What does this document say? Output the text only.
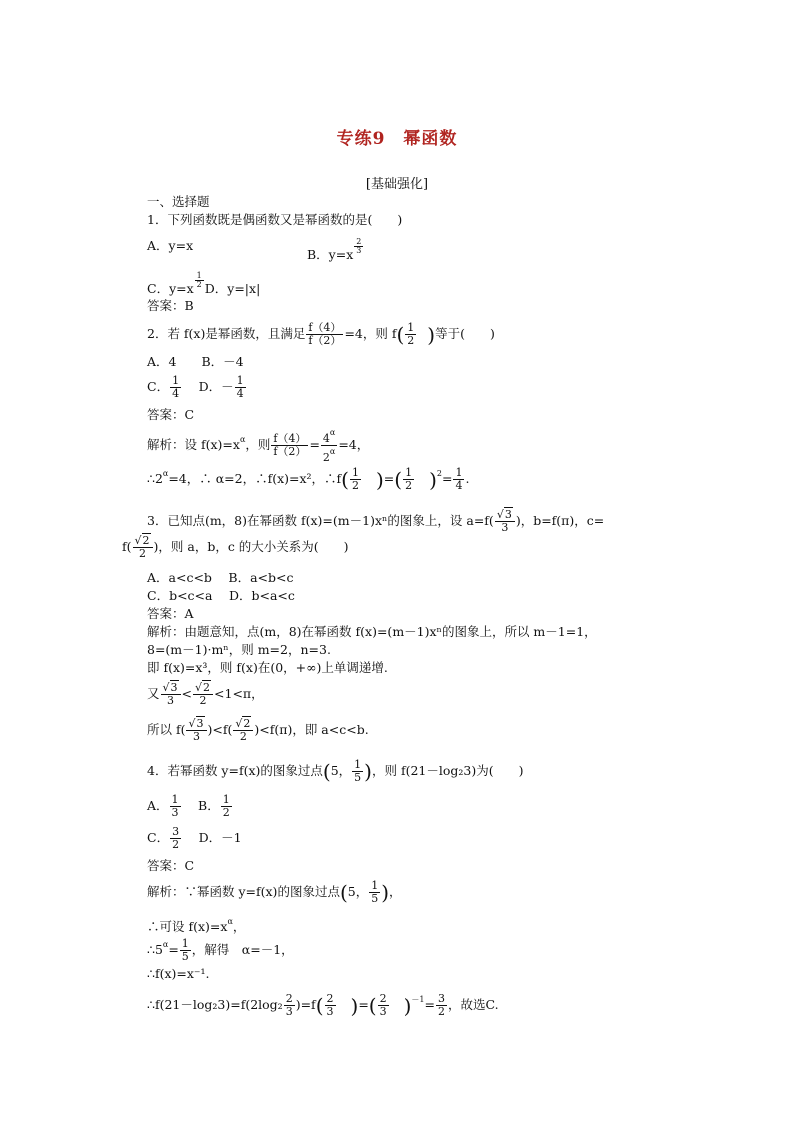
专练9　幂函数
[基础强化]
一、选择题
1．下列函数既是偶函数又是幂函数的是(　　)
A．y=x
B．$y=x \frac{2}{3}$
C．$y=x \frac{1}{2}$ D．y=|x|
答案：B
2．若 f(x)是幂函数，且满足 $\frac{f(4)}{f(2)} =4$，则 $f( \frac{1}{2}$ )等于(　　)
A．4　　 B．－4
C． $\frac{1}{4}$
　 D．－ $\frac{1}{4}$
答案：C
解析：设 $f(x)=x^\alpha$，则 $\frac{f(4)}{f(2)} = \frac{4^\alpha}{2^\alpha} =4$，
$\therefore 2^\alpha=4$，∴ α=2，∴f(x)=x²，∴f( $\frac{1}{2}$ )=( $\frac{1}{2} )^2= \frac{1}{4}$ .
3．已知点(m，8)在幂函数 f(x)=(m－1)xⁿ的图象上，设 $a=f( \frac{√3}{3}$ )，b=f(π)，c=
$f( \frac{√2}{2}$ )，则 a，b，c 的大小关系为(　　)
A．a<c<b　 B．a<b<c
C．b<c<a　 D．b<a<c
答案：A
解析：由题意知，点(m，8)在幂函数 f(x)=(m－1)xⁿ的图象上，所以 m－1=1，
8=(m－1)·mⁿ，则 m=2，n=3.
即 f(x)=x³，则 f(x)在(0，+∞)上单调递增.
又 $\frac{√3}{3} < \frac{√2}{2} <1<\pi$，
所以 $f( \frac{√3}{3} )<f( \frac{√2}{2} )<f(\pi)$，即 a<c<b.
4．若幂函数 y=f(x)的图象过点(5， $\frac{1}{5}$ )，则 f(21－log₂3)为(　　)
A． $\frac{1}{3}$
　 B． $\frac{1}{2}$
C． $\frac{3}{2}$
　 D．－1
答案：C
解析：∵幂函数 y=f(x)的图象过点(5， $\frac{1}{5}$ )，
∴可设 $f(x)=x^\alpha$，
$\therefore 5^\alpha= \frac{1}{5}$ ，解得　α=－1，
∴f(x)=x⁻¹.
∴f(21－log₂3)=f(2log₂ $\frac{2}{3} )=f( \frac{2}{3}$ )=( $\frac{2}{3} )^{-1}= \frac{3}{2}$ ，故选C.
